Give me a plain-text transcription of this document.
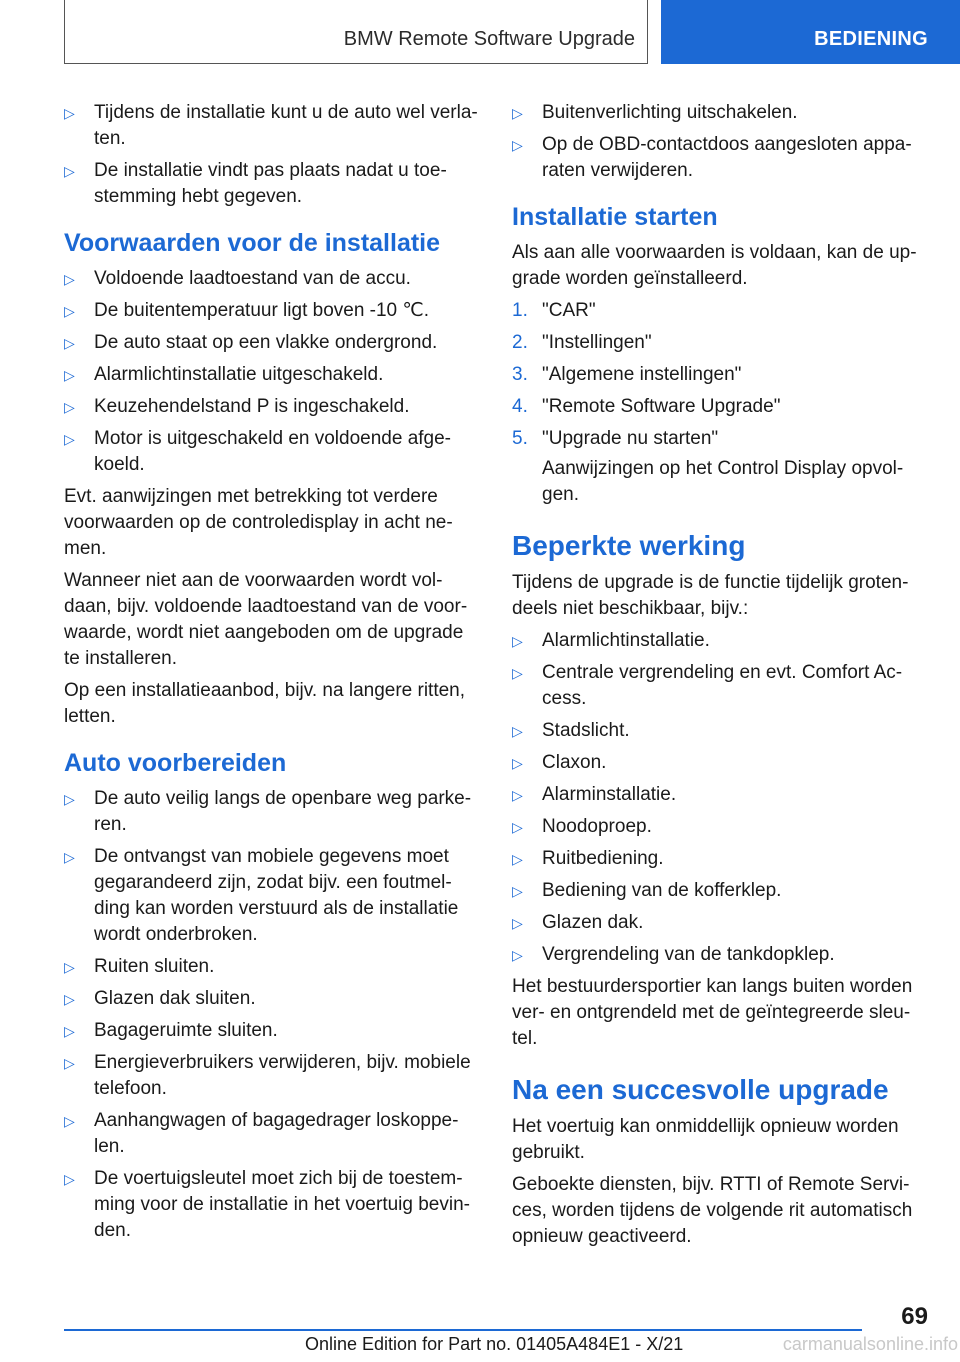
BMW Remote Software Upgrade	BEDIENING
▷ Tijdens de installatie kunt u de auto wel verla-ten.
▷ De installatie vindt pas plaats nadat u toe-stemming hebt gegeven.
Voorwaarden voor de installatie
▷ Voldoende laadtoestand van de accu.
▷ De buitentemperatuur ligt boven -10 ℃.
▷ De auto staat op een vlakke ondergrond.
▷ Alarmlichtinstallatie uitgeschakeld.
▷ Keuzehendelstand P is ingeschakeld.
▷ Motor is uitgeschakeld en voldoende afge-koeld.

Evt. aanwijzingen met betrekking tot verdere voorwaarden op de controledisplay in acht ne-men.

Wanneer niet aan de voorwaarden wordt vol-daan, bijv. voldoende laadtoestand van de voor-waarde, wordt niet aangeboden om de upgrade te installeren.

Op een installatieaanbod, bijv. na langere ritten, letten.

Auto voorbereiden
▷ De auto veilig langs de openbare weg parke-ren.
▷ De ontvangst van mobiele gegevens moet gegarandeerd zijn, zodat bijv. een foutmel-ding kan worden verstuurd als de installatie wordt onderbroken.
▷ Ruiten sluiten.
▷ Glazen dak sluiten.
▷ Bagageruimte sluiten.
▷ Energieverbruikers verwijderen, bijv. mobiele telefoon.
▷ Aanhangwagen of bagagedrager loskoppe-len.
▷ De voertuigsleutel moet zich bij de toestem-ming voor de installatie in het voertuig bevin-den.
▷ Buitenverlichting uitschakelen.
▷ Op de OBD-contactdoos aangesloten appa-raten verwijderen.
Installatie starten

Als aan alle voorwaarden is voldaan, kan de up-grade worden geïnstalleerd.

1. "CAR"
2. "Instellingen"
3. "Algemene instellingen"
4. "Remote Software Upgrade"
5. "Upgrade nu starten"
Aanwijzingen op het Control Display opvol-gen.
Beperkte werking

Tijdens de upgrade is de functie tijdelijk groten-deels niet beschikbaar, bijv.:

▷ Alarmlichtinstallatie.
▷ Centrale vergrendeling en evt. Comfort Ac-cess.
▷ Stadslicht.
▷ Claxon.
▷ Alarminstallatie.
▷ Noodoproep.
▷ Ruitbediening.
▷ Bediening van de kofferklep.
▷ Glazen dak.
▷ Vergrendeling van de tankdopklep.

Het bestuurdersportier kan langs buiten worden ver- en ontgrendeld met de geïntegreerde sleu-tel.

Na een succesvolle upgrade

Het voertuig kan onmiddellijk opnieuw worden gebruikt.

Geboekte diensten, bijv. RTTI of Remote Servi-ces, worden tijdens de volgende rit automatisch opnieuw geactiveerd.

69
Online Edition for Part no. 01405A484E1 - X/21	carmanualsonline.info
